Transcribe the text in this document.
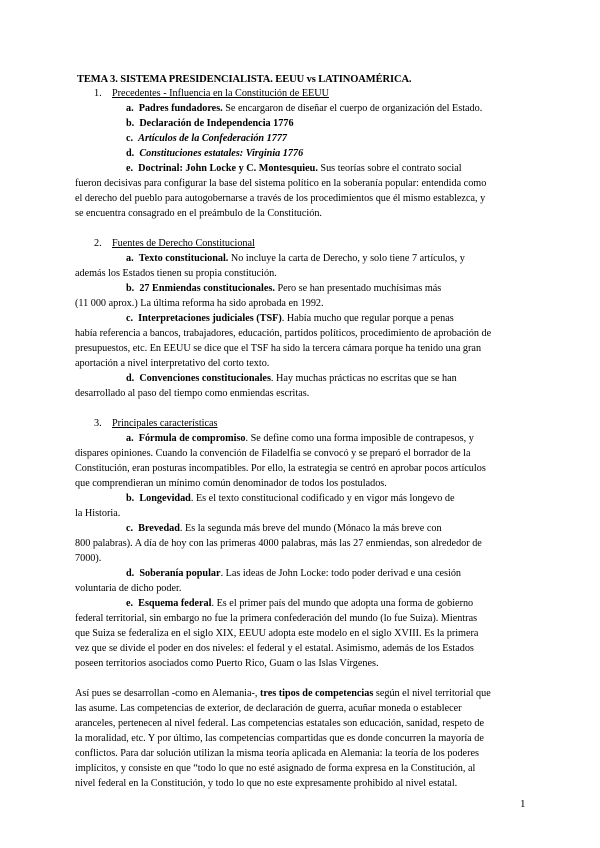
TEMA 3. SISTEMA PRESIDENCIALISTA. EEUU vs LATINOAMÉRICA.
1. Precedentes - Influencia en la Constitución de EEUU
a. Padres fundadores. Se encargaron de diseñar el cuerpo de organización del Estado.
b. Declaración de Independencia 1776
c. Artículos de la Confederación 1777
d. Constituciones estatales: Virginia 1776
e. Doctrinal: John Locke y C. Montesquieu. Sus teorías sobre el contrato social
fueron decisivas para configurar la base del sistema político en la soberanía popular: entendida como
el derecho del pueblo para autogobernarse a través de los procedimientos que él mismo establezca, y
se encuentra consagrado en el preámbulo de la Constitución.
2. Fuentes de Derecho Constitucional
a. Texto constitucional. No incluye la carta de Derecho, y solo tiene 7 artículos, y
además los Estados tienen su propia constitución.
b. 27 Enmiendas constitucionales. Pero se han presentado muchísimas más
(11 000 aprox.) La última reforma ha sido aprobada en 1992.
c. Interpretaciones judiciales (TSF). Había mucho que regular porque a penas
había referencia a bancos, trabajadores, educación, partidos políticos, procedimiento de aprobación de
presupuestos, etc. En EEUU se dice que el TSF ha sido la tercera cámara porque ha tenido una gran
aportación a nivel interpretativo del corto texto.
d. Convenciones constitucionales. Hay muchas prácticas no escritas que se han
desarrollado al paso del tiempo como enmiendas escritas.
3. Principales características
a. Fórmula de compromiso. Se define como una forma imposible de contrapesos, y
dispares opiniones. Cuando la convención de Filadelfia se convocó y se preparó el borrador de la
Constitución, eran posturas incompatibles. Por ello, la estrategia se centró en aprobar pocos artículos
que comprendieran un mínimo común denominador de todos los postulados.
b. Longevidad. Es el texto constitucional codificado y en vigor más longevo de
la Historia.
c. Brevedad. Es la segunda más breve del mundo (Mónaco la más breve con
800 palabras). A día de hoy con las primeras 4000 palabras, más las 27 enmiendas, son alrededor de
7000).
d. Soberanía popular. Las ideas de John Locke: todo poder derivad e una cesión
voluntaria de dicho poder.
e. Esquema federal. Es el primer país del mundo que adopta una forma de gobierno
federal territorial, sin embargo no fue la primera confederación del mundo (lo fue Suiza). Mientras
que Suiza se federaliza en el siglo XIX, EEUU adopta este modelo en el siglo XVIII. Es la primera
vez que se divide el poder en dos niveles: el federal y el estatal. Asimismo, además de los Estados
poseen territorios asociados como Puerto Rico, Guam o las Islas Vírgenes.
Así pues se desarrollan -como en Alemania-, tres tipos de competencias según el nivel territorial que
las asume. Las competencias de exterior, de declaración de guerra, acuñar moneda o establecer
aranceles, pertenecen al nivel federal. Las competencias estatales son educación, sanidad, respeto de
la moralidad, etc. Y por último, las competencias compartidas que es donde concurren la mayoría de
conflictos. Para dar solución utilizan la misma teoría aplicada en Alemania: la teoría de los poderes
implícitos, y consiste en que “todo lo que no esté asignado de forma expresa en la Constitución, al
nivel federal en la Constitución, y todo lo que no este expresamente prohibido al nivel estatal.
1
